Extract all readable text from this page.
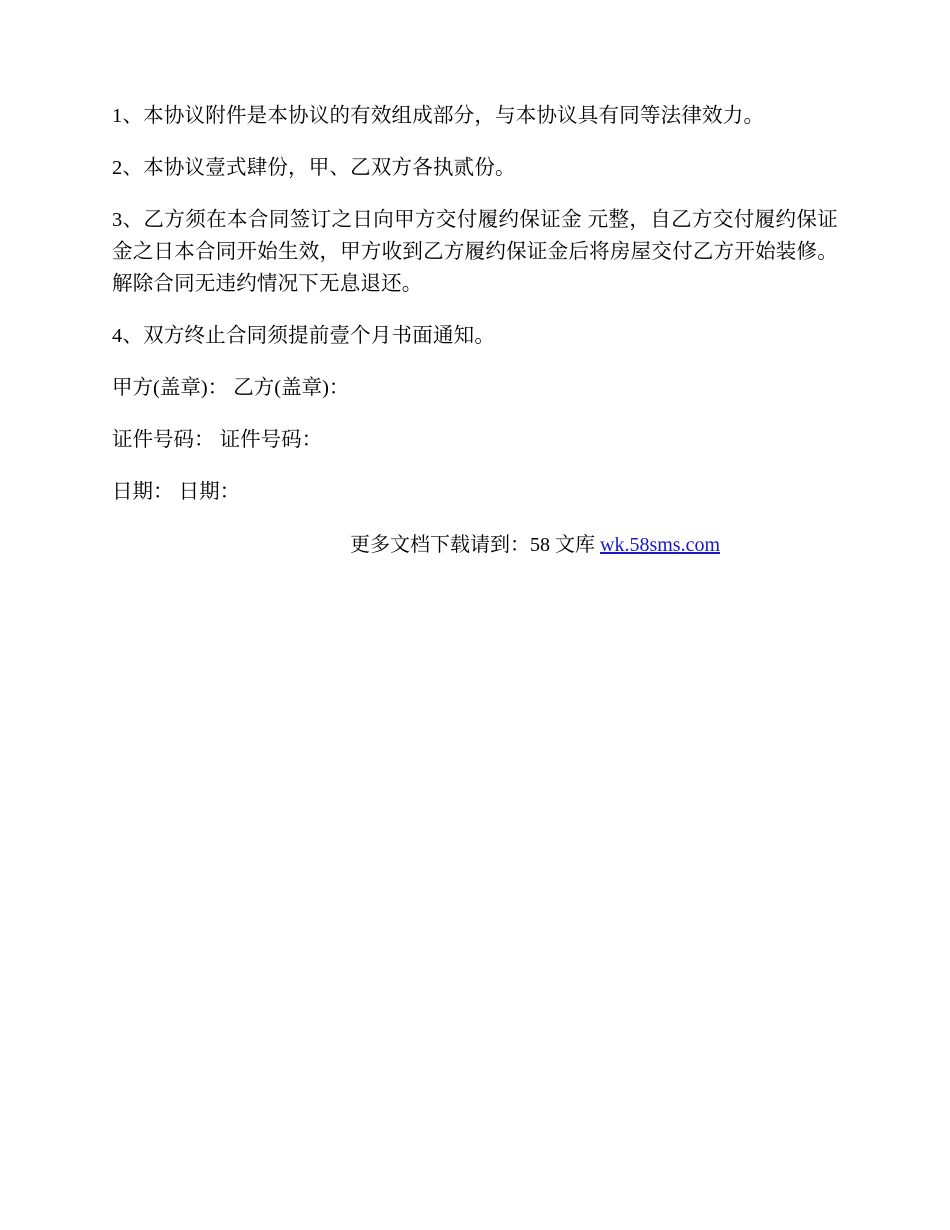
1、本协议附件是本协议的有效组成部分，与本协议具有同等法律效力。

2、本协议壹式肆份，甲、乙双方各执贰份。

3、乙方须在本合同签订之日向甲方交付履约保证金 元整，自乙方交付履约保证金之日本合同开始生效，甲方收到乙方履约保证金后将房屋交付乙方开始装修。解除合同无违约情况下无息退还。

4、双方终止合同须提前壹个月书面通知。

甲方(盖章)： 乙方(盖章)：

证件号码： 证件号码：

日期： 日期：

更多文档下载请到：58 文库 wk.58sms.com
